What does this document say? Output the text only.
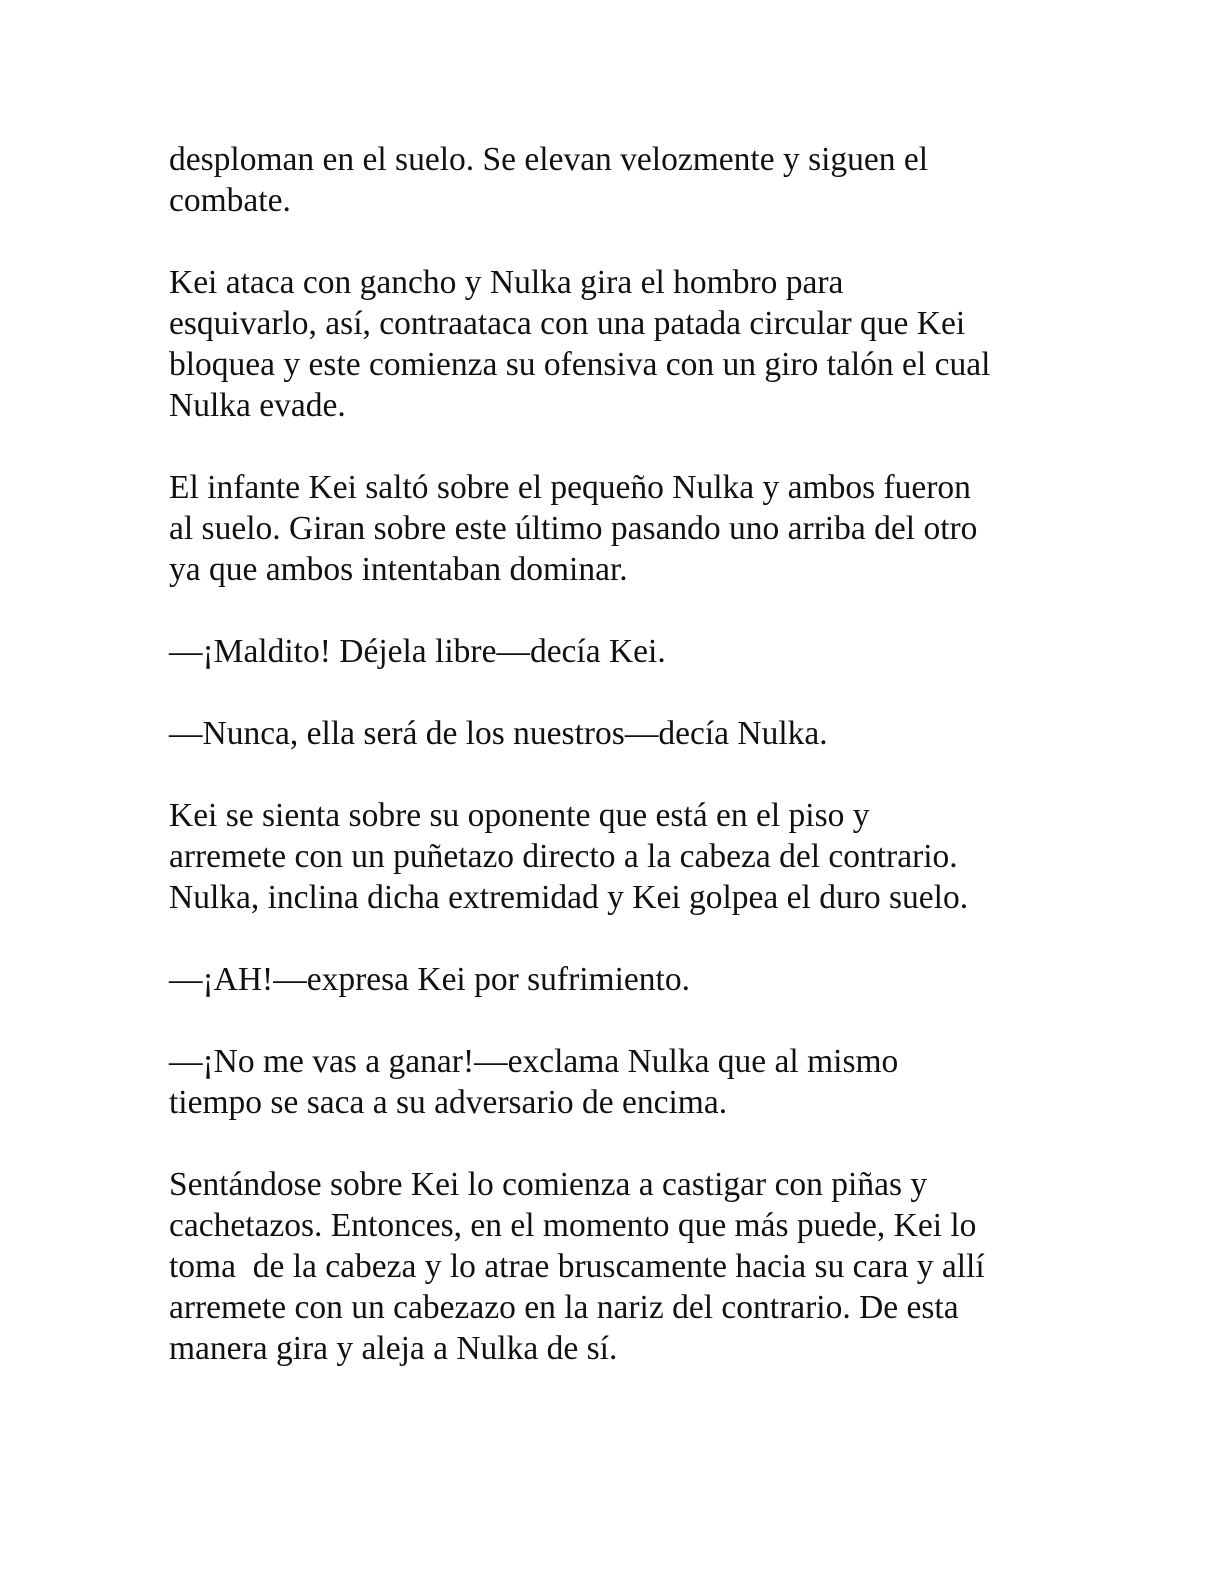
desploman en el suelo. Se elevan velozmente y siguen el
combate.

Kei ataca con gancho y Nulka gira el hombro para
esquivarlo, así, contraataca con una patada circular que Kei
bloquea y este comienza su ofensiva con un giro talón el cual
Nulka evade.

El infante Kei saltó sobre el pequeño Nulka y ambos fueron
al suelo. Giran sobre este último pasando uno arriba del otro
ya que ambos intentaban dominar.

—¡Maldito! Déjela libre—decía Kei.

—Nunca, ella será de los nuestros—decía Nulka.

Kei se sienta sobre su oponente que está en el piso y
arremete con un puñetazo directo a la cabeza del contrario.
Nulka, inclina dicha extremidad y Kei golpea el duro suelo.

—¡AH!—expresa Kei por sufrimiento.

—¡No me vas a ganar!—exclama Nulka que al mismo
tiempo se saca a su adversario de encima.

Sentándose sobre Kei lo comienza a castigar con piñas y
cachetazos. Entonces, en el momento que más puede, Kei lo
toma  de la cabeza y lo atrae bruscamente hacia su cara y allí
arremete con un cabezazo en la nariz del contrario. De esta
manera gira y aleja a Nulka de sí.
